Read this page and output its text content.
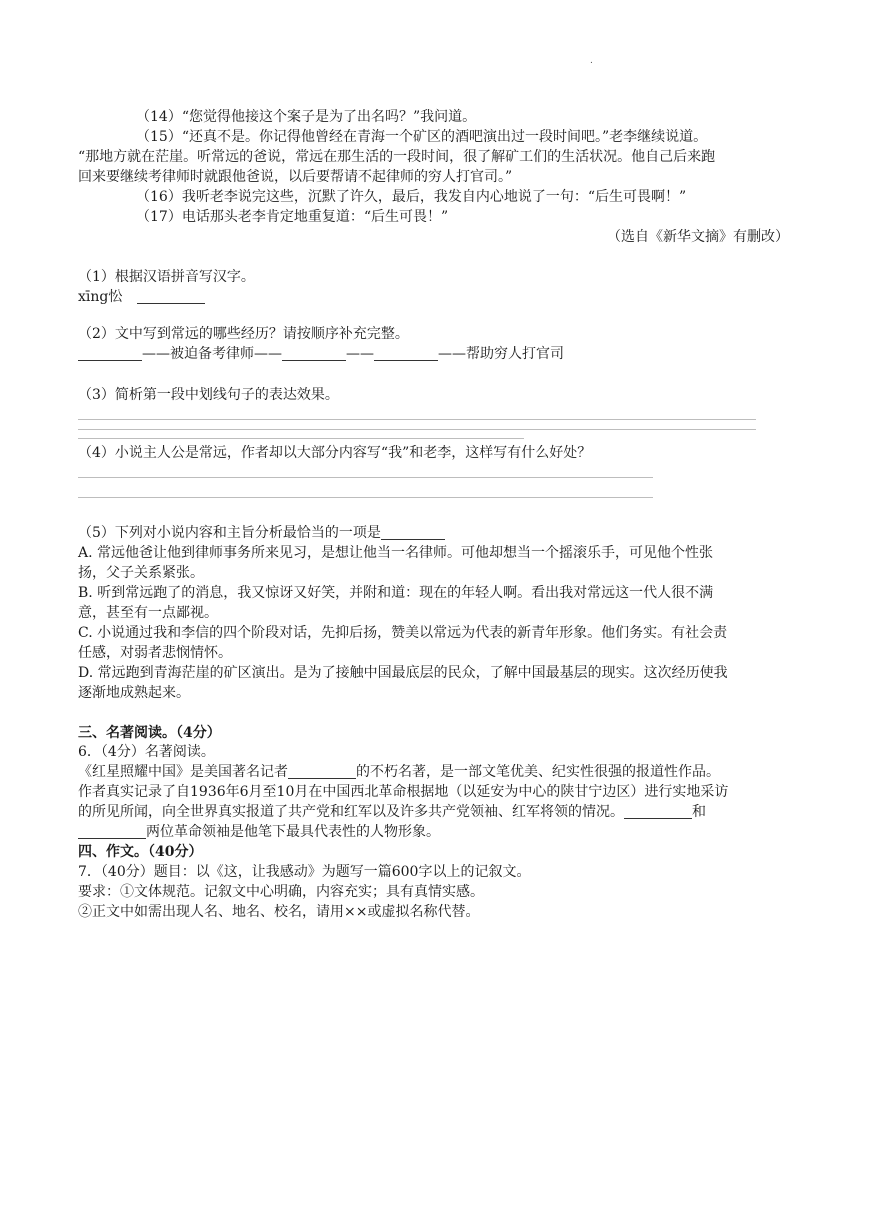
.
（14）“您觉得他接这个案子是为了出名吗？”我问道。
（15）“还真不是。你记得他曾经在青海一个矿区的酒吧演出过一段时间吧。”老李继续说道。
“那地方就在茫崖。听常远的爸说，常远在那生活的一段时间，很了解矿工们的生活状况。他自己后来跑
回来要继续考律师时就跟他爸说，以后要帮请不起律师的穷人打官司。”
（16）我听老李说完这些，沉默了许久，最后，我发自内心地说了一句：“后生可畏啊！”
（17）电话那头老李肯定地重复道：“后生可畏！”
（选自《新华文摘》有删改）
（1）根据汉语拼音写汉字。
xīng忪
（2）文中写到常远的哪些经历？请按顺序补充完整。
——被迫备考律师——	——	——帮助穷人打官司
（3）简析第一段中划线句子的表达效果。
（4）小说主人公是常远，作者却以大部分内容写“我”和老李，这样写有什么好处？
（5）下列对小说内容和主旨分析最恰当的一项是
A. 常远他爸让他到律师事务所来见习，是想让他当一名律师。可他却想当一个摇滚乐手，可见他个性张
扬，父子关系紧张。
B. 听到常远跑了的消息，我又惊讶又好笑，并附和道：现在的年轻人啊。看出我对常远这一代人很不满
意，甚至有一点鄙视。
C. 小说通过我和李信的四个阶段对话，先抑后扬，赞美以常远为代表的新青年形象。他们务实。有社会责
任感，对弱者悲悯情怀。
D. 常远跑到青海茫崖的矿区演出。是为了接触中国最底层的民众，了解中国最基层的现实。这次经历使我
逐渐地成熟起来。
三、名著阅读。（4分）
6．（4分）名著阅读。
《红星照耀中国》是美国著名记者	的不朽名著，是一部文笔优美、纪实性很强的报道性作品。
作者真实记录了自1936年6月至10月在中国西北革命根据地（以延安为中心的陕甘宁边区）进行实地采访
的所见所闻，向全世界真实报道了共产党和红军以及许多共产党领袖、红军将领的情况。	和
两位革命领袖是他笔下最具代表性的人物形象。
四、作文。（40分）
7．（40分）题目：以《这，让我感动》为题写一篇600字以上的记叙文。
要求：①文体规范。记叙文中心明确，内容充实；具有真情实感。
②正文中如需出现人名、地名、校名，请用××或虚拟名称代替。
